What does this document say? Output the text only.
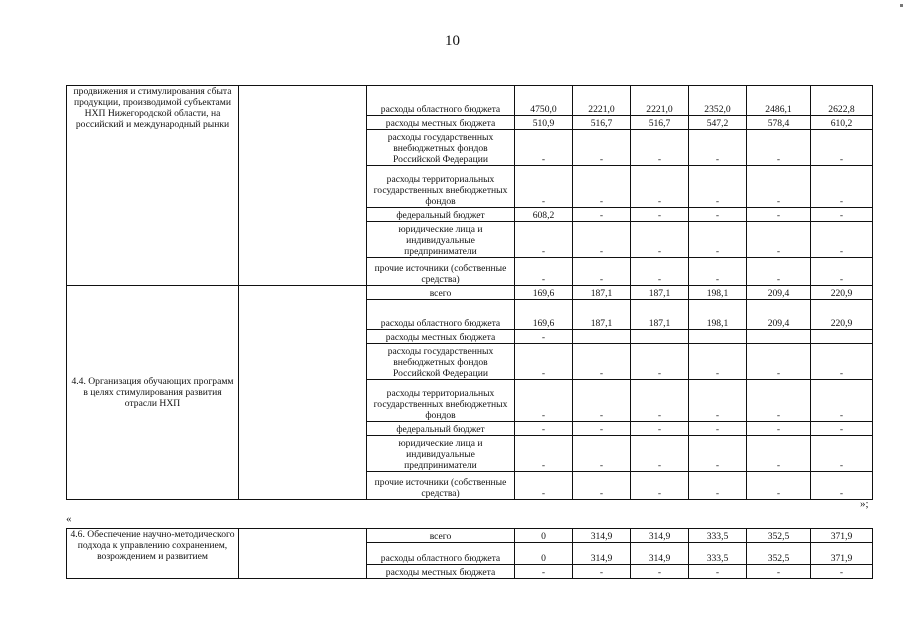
10
продвижения и стимулирования сбыта продукции, производимой субъектами НХП Нижегородской области, на российский и международный рынки		расходы областного бюджета	4750,0	2221,0	2221,0	2352,0	2486,1	2622,8
		расходы местных бюджета	510,9	516,7	516,7	547,2	578,4	610,2
		расходы государственных внебюджетных фондов Российской Федерации	-	-	-	-	-	-
		расходы территориальных государственных внебюджетных фондов	-	-	-	-	-	-
		федеральный бюджет	608,2	-	-	-	-	-
		юридические лица и индивидуальные предприниматели	-	-	-	-	-	-
		прочие источники (собственные средства)	-	-	-	-	-	-
4.4. Организация обучающих программ в целях стимулирования развития отрасли НХП		всего	169,6	187,1	187,1	198,1	209,4	220,9
		расходы областного бюджета	169,6	187,1	187,1	198,1	209,4	220,9
		расходы местных бюджета	-					
		расходы государственных внебюджетных фондов Российской Федерации	-	-	-	-	-	-
		расходы территориальных государственных внебюджетных фондов	-	-	-	-	-	-
		федеральный бюджет	-	-	-	-	-	-
		юридические лица и индивидуальные предприниматели	-	-	-	-	-	-
		прочие источники (собственные средства)	-	-	-	-	-	-
»;
«
4.6. Обеспечение научно-методического подхода к управлению сохранением, возрождением и развитием		всего	0	314,9	314,9	333,5	352,5	371,9
		расходы областного бюджета	0	314,9	314,9	333,5	352,5	371,9
		расходы местных бюджета	-	-	-	-	-	-
